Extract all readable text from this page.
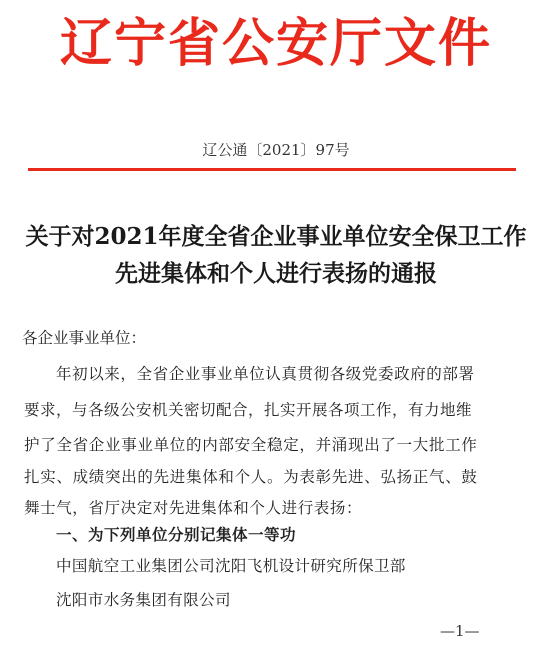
辽宁省公安厅文件
辽公通〔2021〕97号
关于对2021年度全省企业事业单位安全保卫工作
先进集体和个人进行表扬的通报
各企业事业单位：
年初以来，全省企业事业单位认真贯彻各级党委政府的部署
要求，与各级公安机关密切配合，扎实开展各项工作，有力地维
护了全省企业事业单位的内部安全稳定，并涌现出了一大批工作
扎实、成绩突出的先进集体和个人。为表彰先进、弘扬正气、鼓
舞士气，省厅决定对先进集体和个人进行表扬：
一、为下列单位分别记集体一等功
中国航空工业集团公司沈阳飞机设计研究所保卫部
沈阳市水务集团有限公司
—1—
